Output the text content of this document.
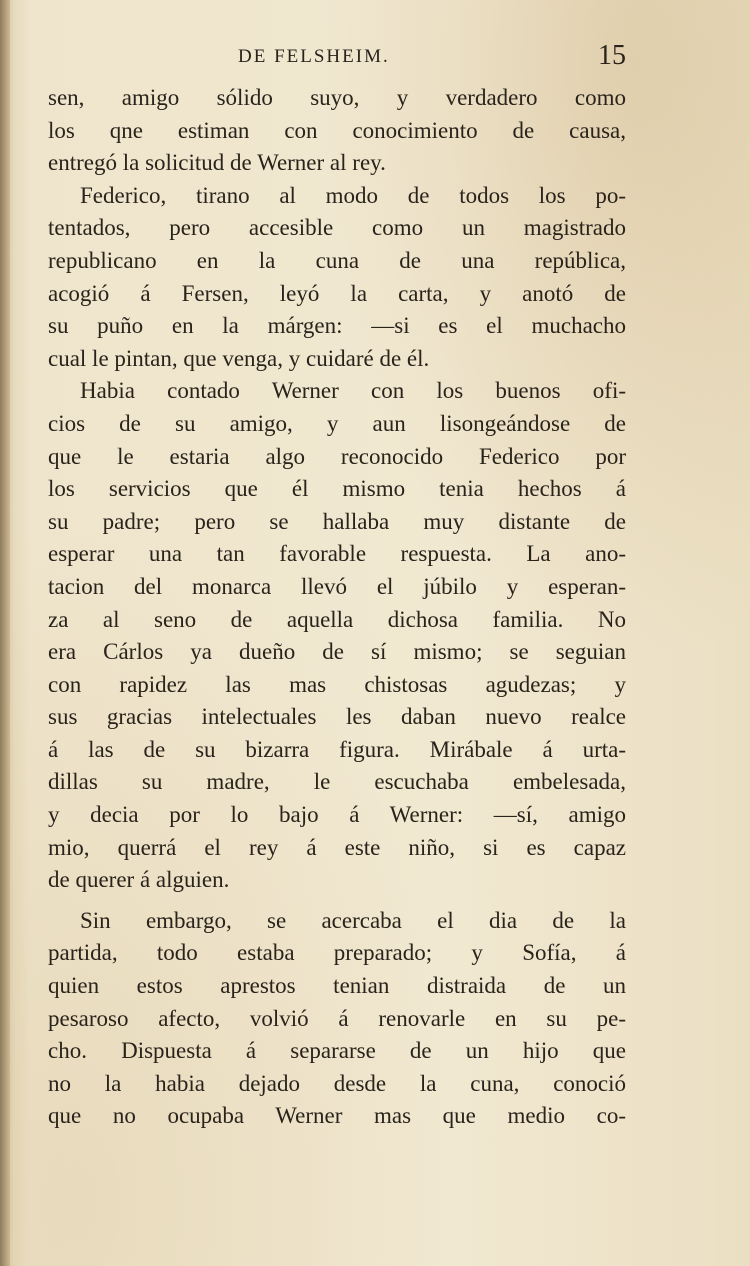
DE FELSHEIM.	15
sen, amigo sólido suyo, y verdadero como
los qne estiman con conocimiento de causa,
entregó la solicitud de Werner al rey.
Federico, tirano al modo de todos los po-
tentados, pero accesible como un magistrado
republicano en la cuna de una república,
acogió á Fersen, leyó la carta, y anotó de
su puño en la márgen: —si es el muchacho
cual le pintan, que venga, y cuidaré de él.
Habia contado Werner con los buenos ofi-
cios de su amigo, y aun lisongeándose de
que le estaria algo reconocido Federico por
los servicios que él mismo tenia hechos á
su padre; pero se hallaba muy distante de
esperar una tan favorable respuesta. La ano-
tacion del monarca llevó el júbilo y esperan-
za al seno de aquella dichosa familia. No
era Cárlos ya dueño de sí mismo; se seguian
con rapidez las mas chistosas agudezas; y
sus gracias intelectuales les daban nuevo realce
á las de su bizarra figura. Mirábale á urta-
dillas su madre, le escuchaba embelesada,
y decia por lo bajo á Werner: —sí, amigo
mio, querrá el rey á este niño, si es capaz
de querer á alguien.
Sin embargo, se acercaba el dia de la
partida, todo estaba preparado; y Sofía, á
quien estos aprestos tenian distraida de un
pesaroso afecto, volvió á renovarle en su pe-
cho. Dispuesta á separarse de un hijo que
no la habia dejado desde la cuna, conoció
que no ocupaba Werner mas que medio co-
